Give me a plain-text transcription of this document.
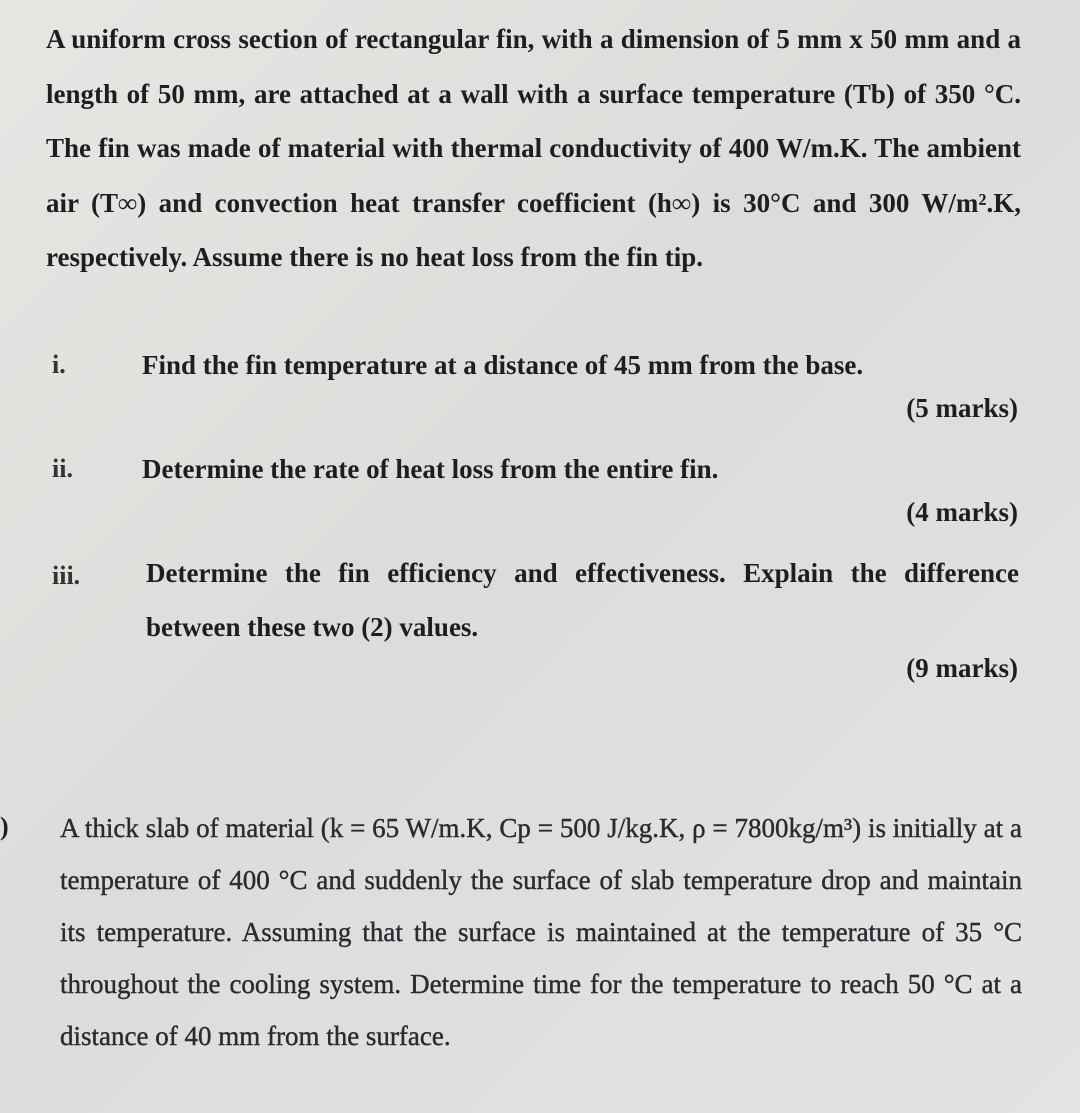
A uniform cross section of rectangular fin, with a dimension of 5 mm x 50 mm and a length of 50 mm, are attached at a wall with a surface temperature (Tb) of 350 °C. The fin was made of material with thermal conductivity of 400 W/m.K. The ambient air (T∞) and convection heat transfer coefficient (h∞) is 30°C and 300 W/m².K, respectively. Assume there is no heat loss from the fin tip.

i.	Find the fin temperature at a distance of 45 mm from the base.

(5 marks)
ii.	Determine the rate of heat loss from the entire fin.

(4 marks)
iii. Determine the fin efficiency and effectiveness. Explain the difference between these two (2) values.

(9 marks)
) A thick slab of material (k = 65 W/m.K, Cp = 500 J/kg.K, ρ = 7800kg/m³) is initially at a temperature of 400 °C and suddenly the surface of slab temperature drop and maintain its temperature. Assuming that the surface is maintained at the temperature of 35 °C throughout the cooling system. Determine time for the temperature to reach 50 °C at a distance of 40 mm from the surface.
